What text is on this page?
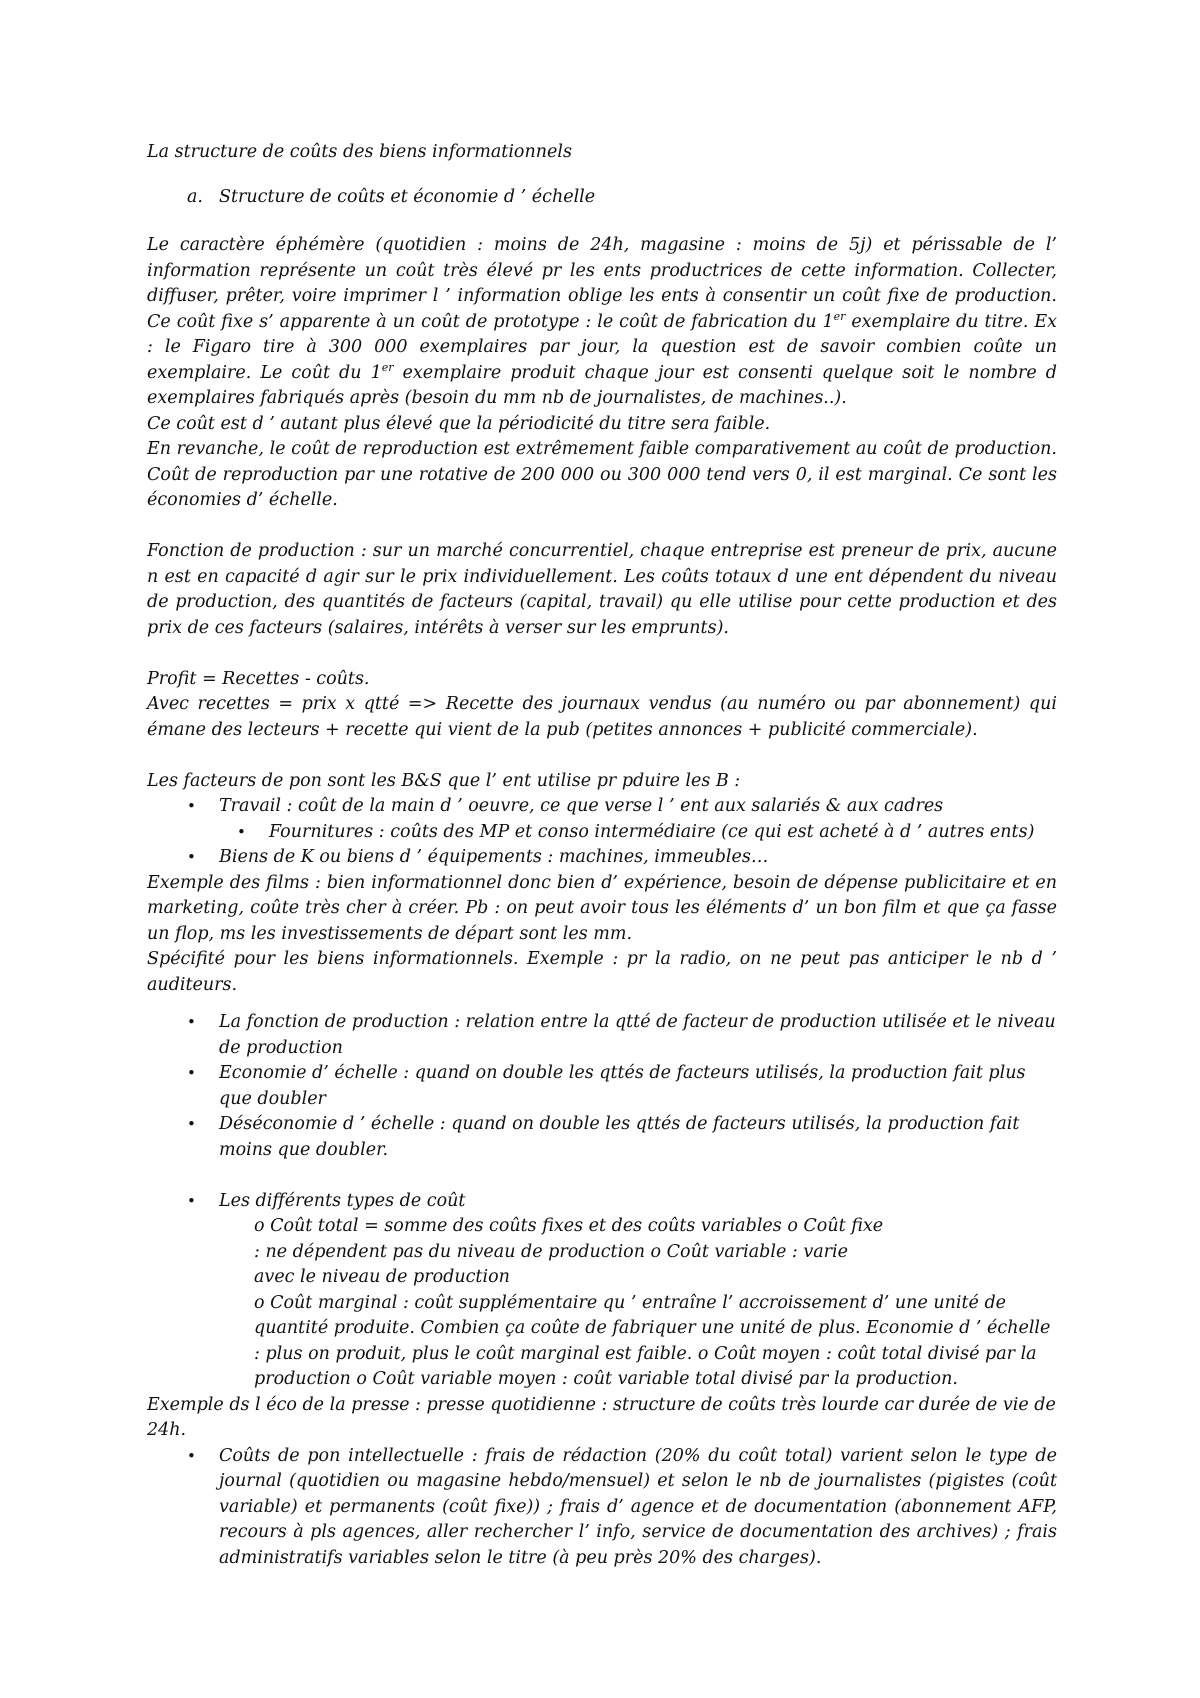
La structure de coûts des biens informationnels

a. Structure de coûts et économie d ’ échelle

Le caractère éphémère (quotidien : moins de 24h, magasine : moins de 5j) et périssable de l’ information représente un coût très élevé pr les ents productrices de cette information. Collecter, diffuser, prêter, voire imprimer l ’ information oblige les ents à consentir un coût fixe de production. Ce coût fixe s’ apparente à un coût de prototype : le coût de fabrication du 1er exemplaire du titre. Ex : le Figaro tire à 300 000 exemplaires par jour, la question est de savoir combien coûte un exemplaire. Le coût du 1er exemplaire produit chaque jour est consenti quelque soit le nombre d exemplaires fabriqués après (besoin du mm nb de journalistes, de machines..).

Ce coût est d ’ autant plus élevé que la périodicité du titre sera faible.

En revanche, le coût de reproduction est extrêmement faible comparativement au coût de production. Coût de reproduction par une rotative de 200 000 ou 300 000 tend vers 0, il est marginal. Ce sont les économies d’ échelle.

Fonction de production : sur un marché concurrentiel, chaque entreprise est preneur de prix, aucune n est en capacité d agir sur le prix individuellement. Les coûts totaux d une ent dépendent du niveau de production, des quantités de facteurs (capital, travail) qu elle utilise pour cette production et des prix de ces facteurs (salaires, intérêts à verser sur les emprunts).

Profit = Recettes - coûts.

Avec recettes = prix x qtté => Recette des journaux vendus (au numéro ou par abonnement) qui émane des lecteurs + recette qui vient de la pub (petites annonces + publicité commerciale).

Les facteurs de pon sont les B&S que l’ ent utilise pr pduire les B :

• Travail : coût de la main d ’ oeuvre, ce que verse l ’ ent aux salariés & aux cadres

• Fournitures : coûts des MP et conso intermédiaire (ce qui est acheté à d ’ autres ents)

• Biens de K ou biens d ’ équipements : machines, immeubles…

Exemple des films : bien informationnel donc bien d’ expérience, besoin de dépense publicitaire et en marketing, coûte très cher à créer. Pb : on peut avoir tous les éléments d’ un bon film et que ça fasse un flop, ms les investissements de départ sont les mm.

Spécifité pour les biens informationnels. Exemple : pr la radio, on ne peut pas anticiper le nb d ’ auditeurs.

• La fonction de production : relation entre la qtté de facteur de production utilisée et le niveau de production

• Economie d’ échelle : quand on double les qttés de facteurs utilisés, la production fait plus que doubler

• Déséconomie d ’ échelle : quand on double les qttés de facteurs utilisés, la production fait moins que doubler.

• Les différents types de coût

o Coût total = somme des coûts fixes et des coûts variables o Coût fixe

: ne dépendent pas du niveau de production o Coût variable : varie

avec le niveau de production

o Coût marginal : coût supplémentaire qu ’ entraîne l’ accroissement d’ une unité de quantité produite. Combien ça coûte de fabriquer une unité de plus. Economie d ’ échelle : plus on produit, plus le coût marginal est faible. o Coût moyen : coût total divisé par la production o Coût variable moyen : coût variable total divisé par la production.

Exemple ds l éco de la presse : presse quotidienne : structure de coûts très lourde car durée de vie de 24h.

• Coûts de pon intellectuelle : frais de rédaction (20% du coût total) varient selon le type de journal (quotidien ou magasine hebdo/mensuel) et selon le nb de journalistes (pigistes (coût variable) et permanents (coût fixe)) ; frais d’ agence et de documentation (abonnement AFP, recours à pls agences, aller rechercher l’ info, service de documentation des archives) ; frais administratifs variables selon le titre (à peu près 20% des charges).
